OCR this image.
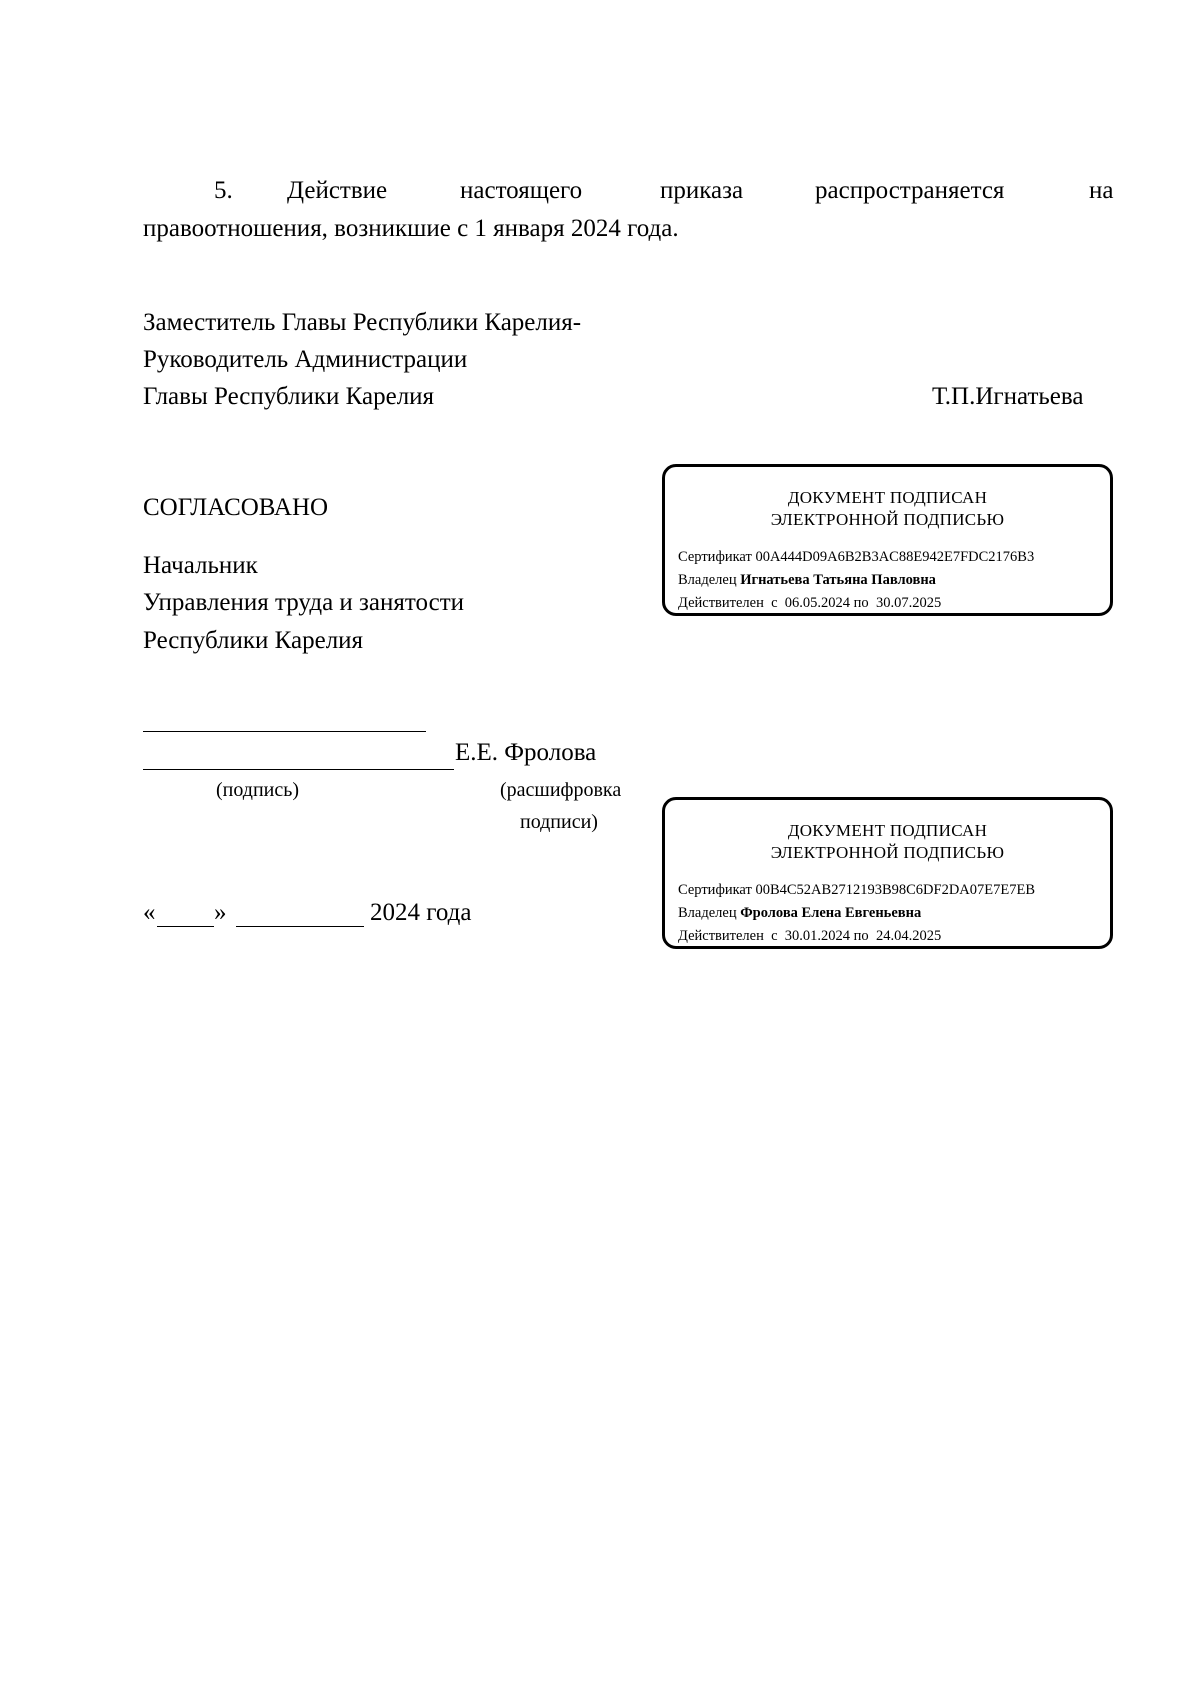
5. Действие	настоящего	приказа	распространяется	на
правоотношения, возникшие с 1 января 2024 года.
Заместитель Главы Республики Карелия-
Руководитель Администрации
Главы Республики Карелия	Т.П.Игнатьева
СОГЛАСОВАНО
Начальник
Управления труда и занятости
Республики Карелия
Е.Е. Фролова
(подпись)	(расшифровка
подписи)
« »	2024 года
ДОКУМЕНТ ПОДПИСАН
ЭЛЕКТРОННОЙ ПОДПИСЬЮ
Сертификат 00A444D09A6B2B3AC88E942E7FDC2176B3
Владелец Игнатьева Татьяна Павловна
Действителен с 06.05.2024 по 30.07.2025
ДОКУМЕНТ ПОДПИСАН
ЭЛЕКТРОННОЙ ПОДПИСЬЮ
Сертификат 00B4C52AB2712193B98C6DF2DA07E7E7EB
Владелец Фролова Елена Евгеньевна
Действителен с 30.01.2024 по 24.04.2025
